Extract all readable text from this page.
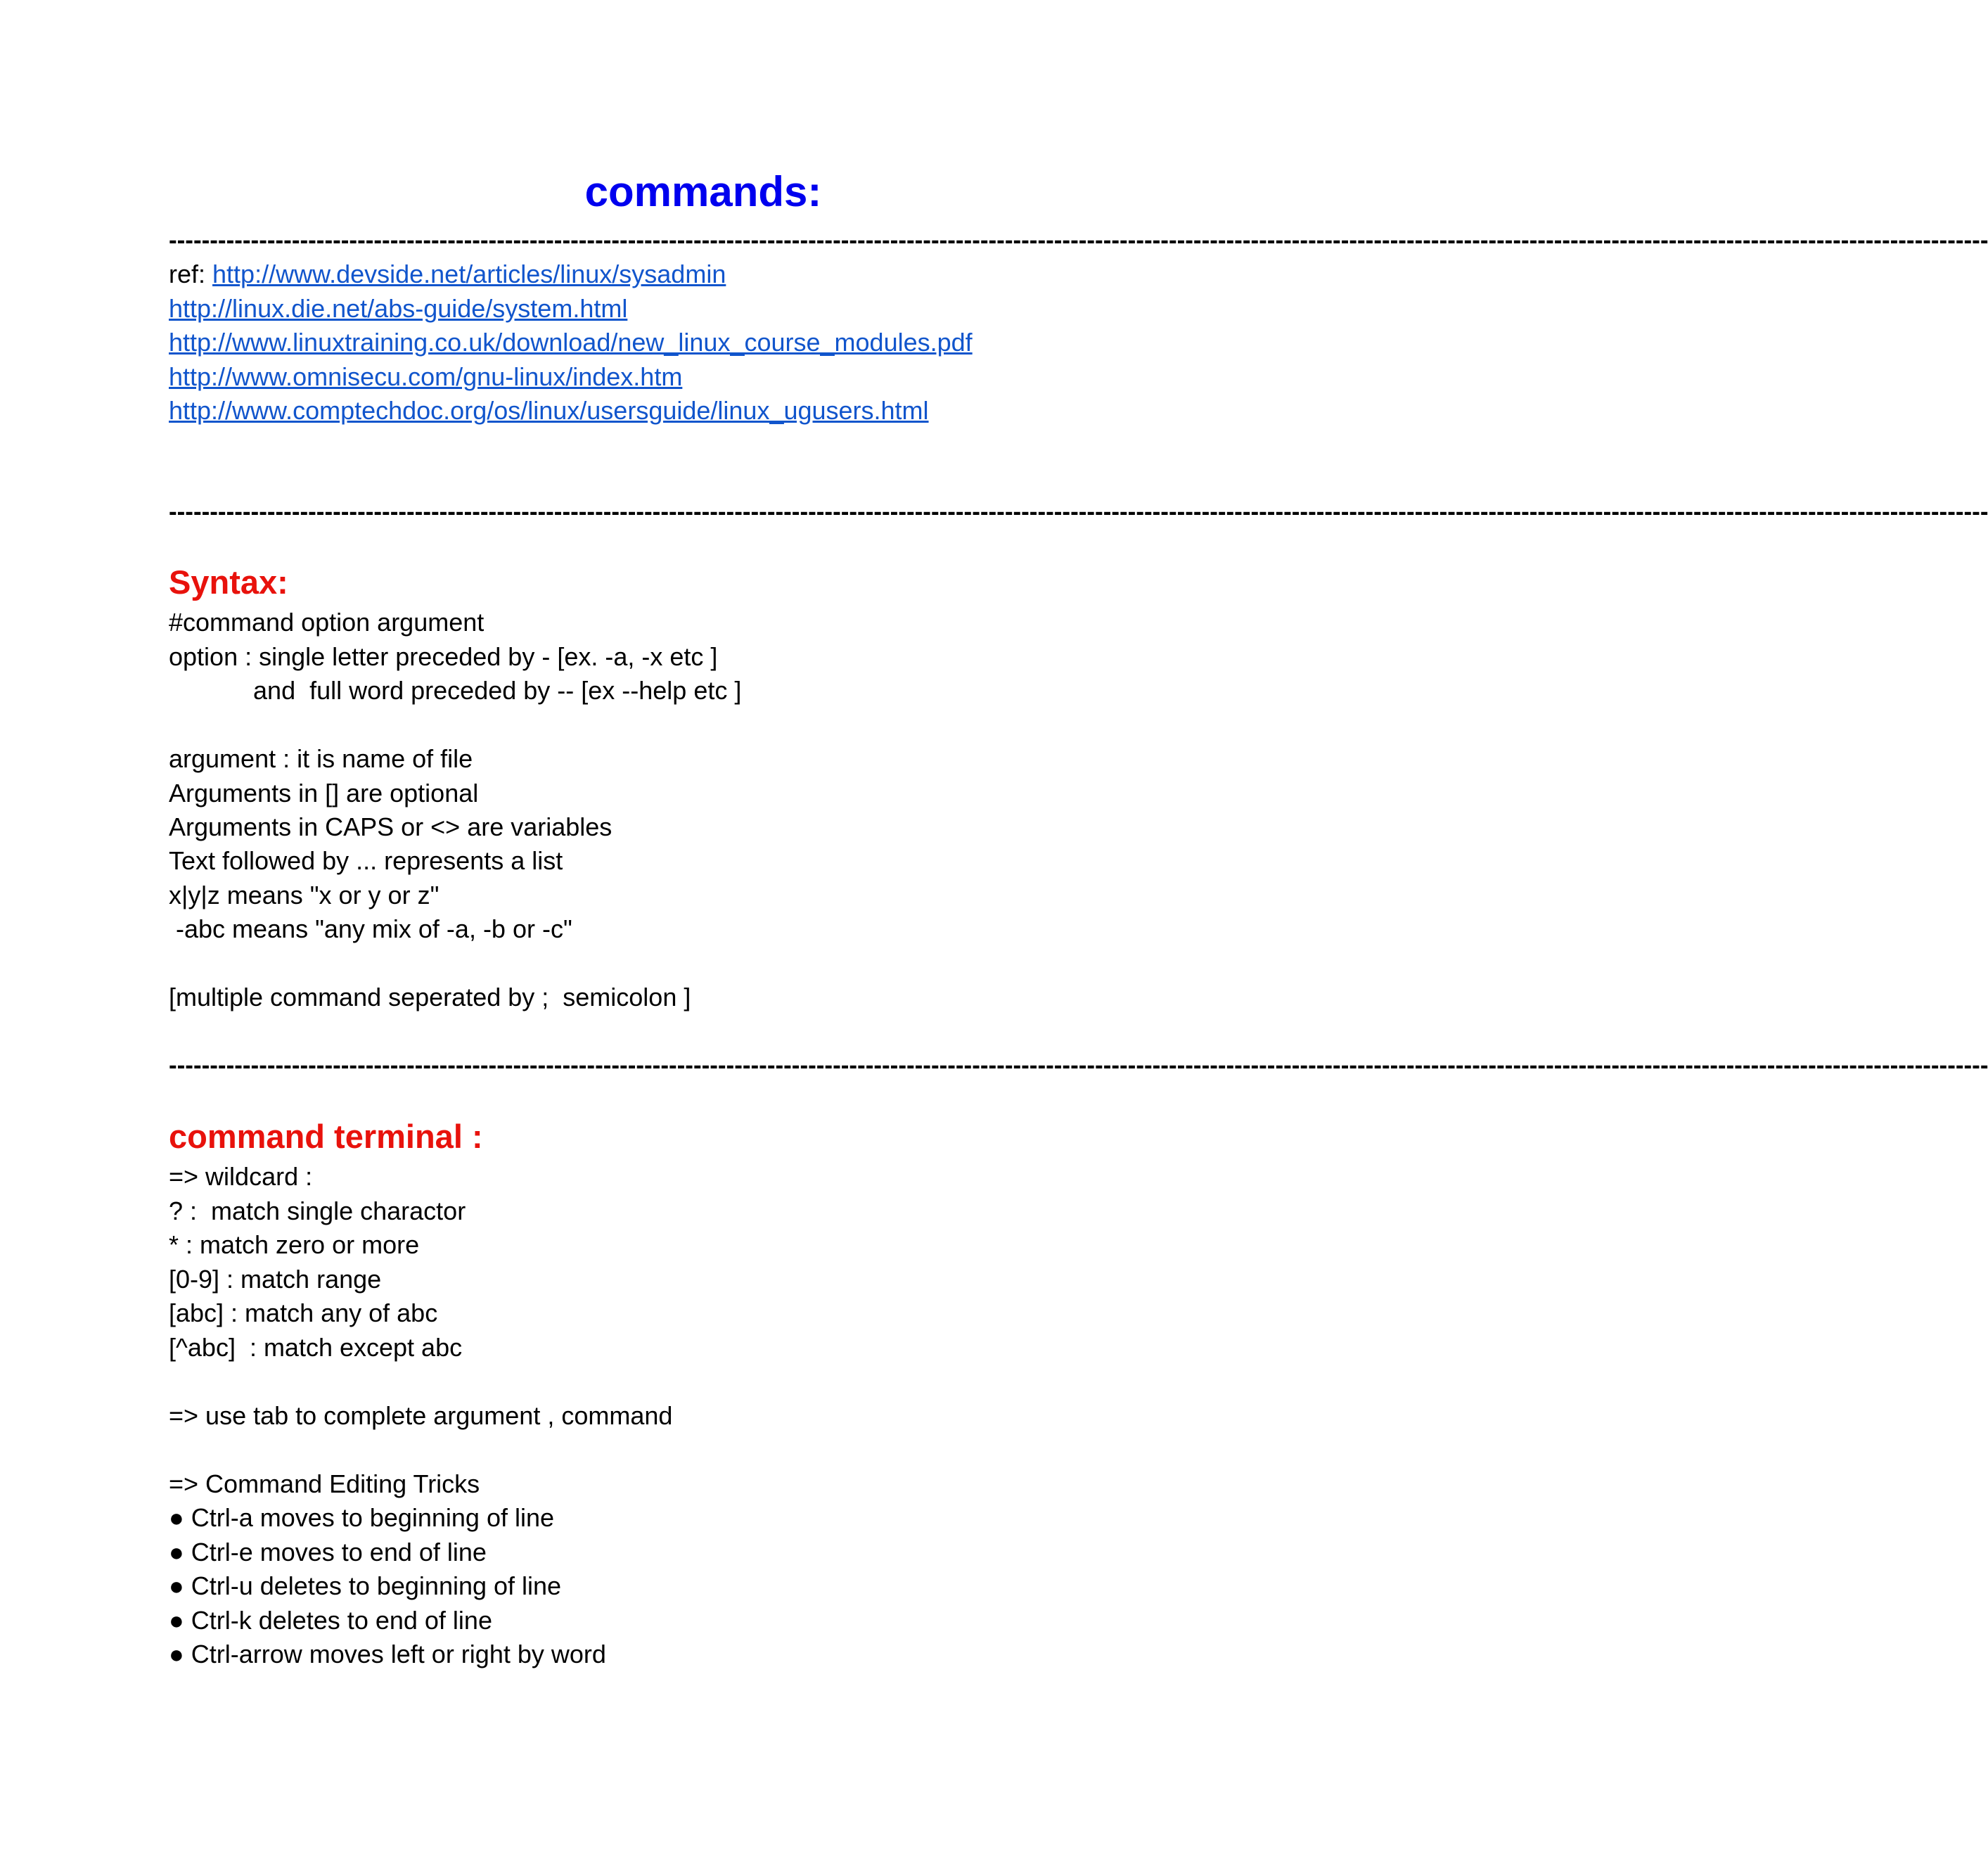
commands:
------------------------------------------------------------------------------------------------------------------------------------------------------------------------------------------------------------------------------
ref: http://www.devside.net/articles/linux/sysadmin
http://linux.die.net/abs-guide/system.html
http://www.linuxtraining.co.uk/download/new_linux_course_modules.pdf
http://www.omnisecu.com/gnu-linux/index.htm
http://www.comptechdoc.org/os/linux/usersguide/linux_ugusers.html
------------------------------------------------------------------------------------------------------------------------------------------------------------------------------------------------------------------------------
Syntax:
#command option argument
option : single letter preceded by - [ex. -a, -x etc ]
and  full word preceded by -- [ex --help etc ]
argument : it is name of file
Arguments in [] are optional
Arguments in CAPS or <> are variables
Text followed by ... represents a list
x|y|z means "x or y or z"
-abc means "any mix of -a, -b or -c"
[multiple command seperated by ;  semicolon ]
------------------------------------------------------------------------------------------------------------------------------------------------------------------------------------------------------------------------------
command terminal :
=> wildcard :
? :  match single charactor
* : match zero or more
[0-9] : match range
[abc] : match any of abc
[^abc]  : match except abc
=> use tab to complete argument , command
=> Command Editing Tricks
● Ctrl-a moves to beginning of line
● Ctrl-e moves to end of line
● Ctrl-u deletes to beginning of line
● Ctrl-k deletes to end of line
● Ctrl-arrow moves left or right by word
